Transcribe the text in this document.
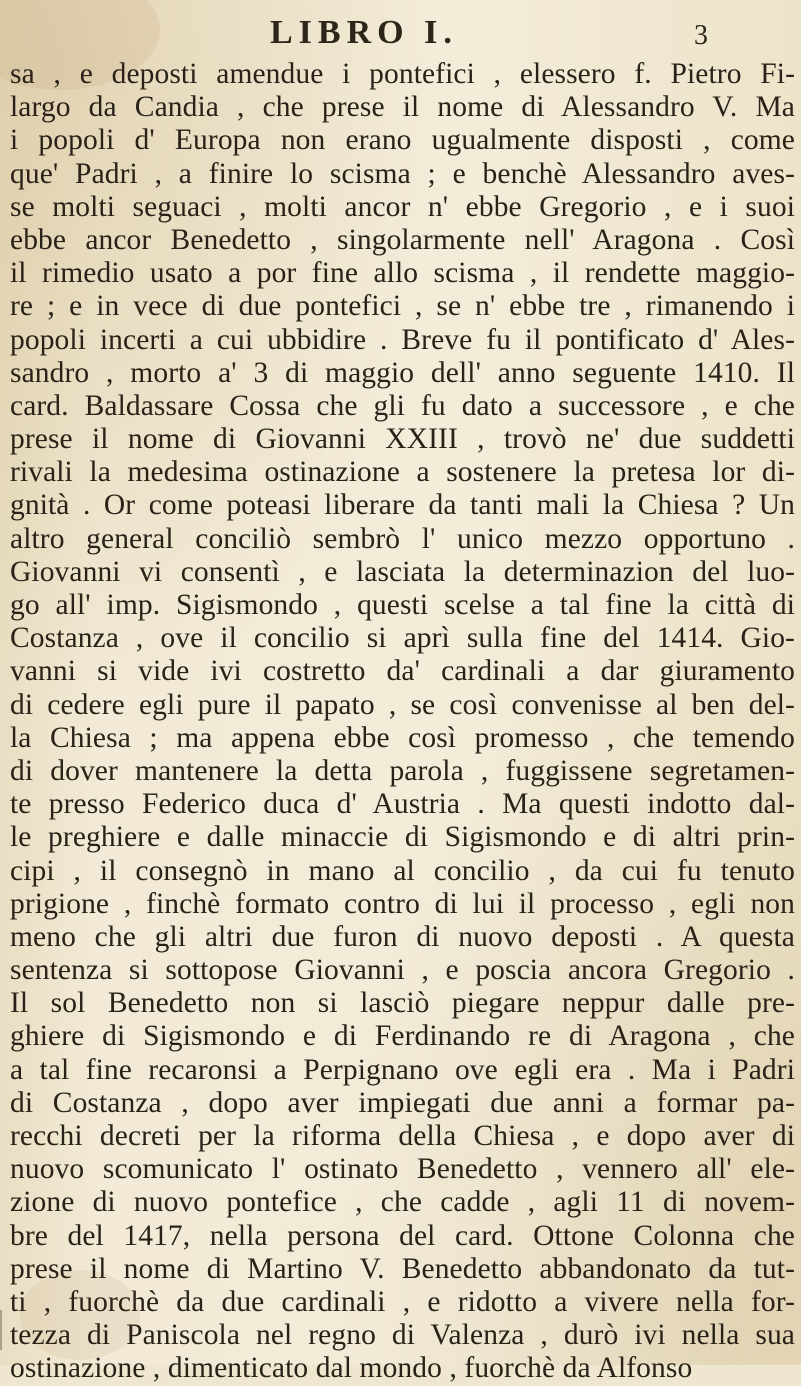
LIBRO I.	3
sa , e deposti amendue i pontefici , elessero f. Pietro Fi-
largo da Candia , che prese il nome di Alessandro V. Ma
i popoli d' Europa non erano ugualmente disposti , come
que' Padri , a finire lo scisma ; e benchè Alessandro aves-
se molti seguaci , molti ancor n' ebbe Gregorio , e i suoi
ebbe ancor Benedetto , singolarmente nell' Aragona . Così
il rimedio usato a por fine allo scisma , il rendette maggio-
re ; e in vece di due pontefici , se n' ebbe tre , rimanendo i
popoli incerti a cui ubbidire . Breve fu il pontificato d' Ales-
sandro , morto a' 3 di maggio dell' anno seguente 1410. Il
card. Baldassare Cossa che gli fu dato a successore , e che
prese il nome di Giovanni XXIII , trovò ne' due suddetti
rivali la medesima ostinazione a sostenere la pretesa lor di-
gnità . Or come poteasi liberare da tanti mali la Chiesa ? Un
altro general conciliò sembrò l' unico mezzo opportuno .
Giovanni vi consentì , e lasciata la determinazion del luo-
go all' imp. Sigismondo , questi scelse a tal fine la città di
Costanza , ove il concilio si aprì sulla fine del 1414. Gio-
vanni si vide ivi costretto da' cardinali a dar giuramento
di cedere egli pure il papato , se così convenisse al ben del-
la Chiesa ; ma appena ebbe così promesso , che temendo
di dover mantenere la detta parola , fuggissene segretamen-
te presso Federico duca d' Austria . Ma questi indotto dal-
le preghiere e dalle minaccie di Sigismondo e di altri prin-
cipi , il consegnò in mano al concilio , da cui fu tenuto
prigione , finchè formato contro di lui il processo , egli non
meno che gli altri due furon di nuovo deposti . A questa
sentenza si sottopose Giovanni , e poscia ancora Gregorio .
Il sol Benedetto non si lasciò piegare neppur dalle pre-
ghiere di Sigismondo e di Ferdinando re di Aragona , che
a tal fine recaronsi a Perpignano ove egli era . Ma i Padri
di Costanza , dopo aver impiegati due anni a formar pa-
recchi decreti per la riforma della Chiesa , e dopo aver di
nuovo scomunicato l' ostinato Benedetto , vennero all' ele-
zione di nuovo pontefice , che cadde , agli 11 di novem-
bre del 1417, nella persona del card. Ottone Colonna che
prese il nome di Martino V. Benedetto abbandonato da tut-
ti , fuorchè da due cardinali , e ridotto a vivere nella for-
tezza di Paniscola nel regno di Valenza , durò ivi nella sua
ostinazione , dimenticato dal mondo , fuorchè da Alfonso
